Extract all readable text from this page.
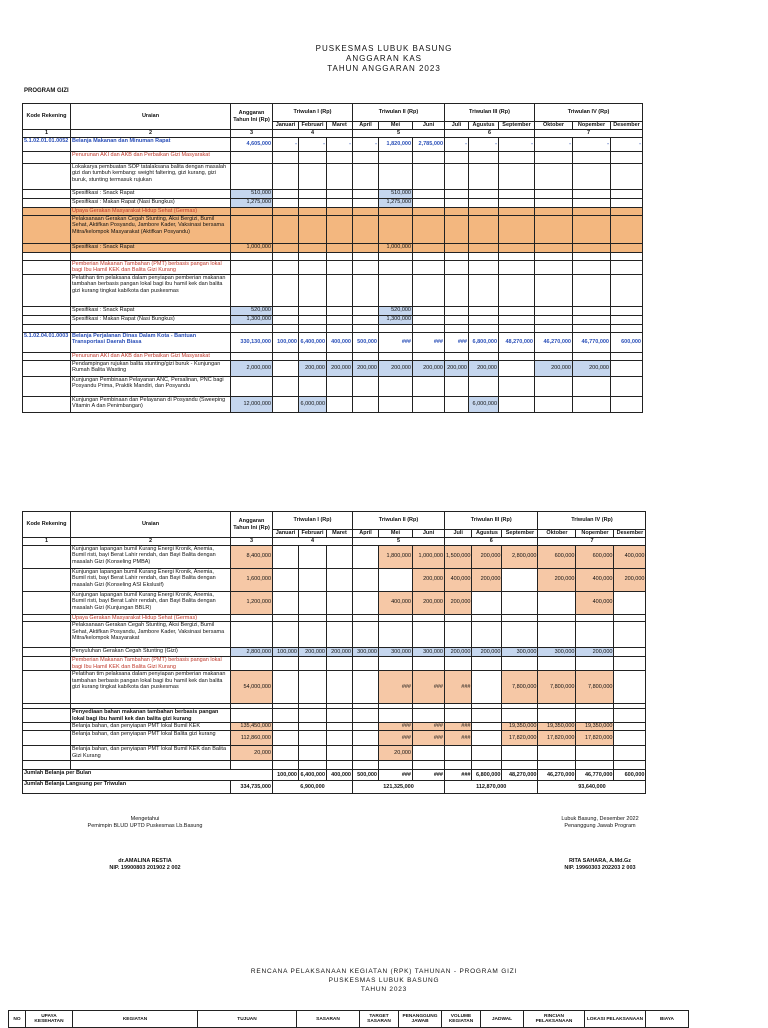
PUSKESMAS LUBUK BASUNG
ANGGARAN KAS
TAHUN ANGGARAN 2023
PROGRAM GIZI
Kode Rekening	Uraian	Anggaran Tahun Ini (Rp)	Triwulan I (Rp)			Triwulan II (Rp)			Triwulan III (Rp)			Triwulan IV (Rp)		
			Januari	Februari	Maret	April	Mei	Juni	Juli	Agustus	September	Oktober	Nopember	Desember
1	2	3	4			5			6			7		
5.1.02.01.01.0052	Belanja Makanan dan Minuman Rapat	4,605,000	-	-	-	-	1,820,000	2,785,000	-	-	-	-	-	-
	Penurunan AKI dan AKB dan Perbaikan Gizi Masyarakat													
	Lokakarya pembuatan SOP tatalaksana balita dengan masalah gizi dan tumbuh kembang: weight faltering, gizi kurang, gizi buruk, stunting termasuk rujukan													
	Spesifikasi : Snack Rapat	510,000					510,000							
	Spesifikasi : Makan Rapat (Nasi Bungkus)	1,275,000					1,275,000							
	Upaya Gerakan Masyarakat Hidup Sehat (Germas)													
	Pelaksanaan Gerakan Cegah Stunting, Aksi Bergizi, Bumil Sehat, Aktifkan Posyandu, Jambore Kader, Vaksinasi bersama Mitra/kelompok Masyarakat (Aktifkan Posyandu)													
	Spesifikasi : Snack Rapat	1,000,000					1,000,000							

	Pemberian Makanan Tambahan (PMT) berbasis pangan lokal bagi Ibu Hamil KEK dan Balita Gizi Kurang													
	Pelatihan tim pelaksana dalam penyiapan pemberian makanan tambahan berbasis pangan lokal bagi ibu hamil kek dan balita gizi kurang tingkat kab/kota dan puskesmas													
	Spesifikasi : Snack Rapat	520,000					520,000							
	Spesifikasi : Makan Rapat (Nasi Bungkus)	1,300,000					1,300,000							

5.1.02.04.01.0003	Belanja Perjalanan Dinas Dalam Kota - Bantuan Transportasi Daerah Biasa	330,130,000	100,000	6,400,000	400,000	500,000	###	###	###	6,800,000	48,270,000	46,270,000	46,770,000	600,000
	Penurunan AKI dan AKB dan Perbaikan Gizi Masyarakat													
	Pendampingan rujukan balita stunting/gizi buruk - Kunjungan Rumah Balita Wasting	2,000,000		200,000	200,000	200,000	200,000	200,000	200,000	200,000		200,000	200,000	
	Kunjungan Pembinaan Pelayanan ANC, Persalinan, PNC bagi Posyandu Prima, Praktik Mandiri, dan Posyandu													
	Kunjungan Pembinaan dan Pelayanan di Posyandu (Sweeping Vitamin A dan Penimbangan)	12,000,000		6,000,000						6,000,000				
Kode Rekening	Uraian	Anggaran Tahun Ini (Rp)	Triwulan I (Rp)			Triwulan II (Rp)			Triwulan III (Rp)			Triwulan IV (Rp)		
			Januari	Februari	Maret	April	Mei	Juni	Juli	Agustus	September	Oktober	Nopember	Desember
1	2	3	4			5			6			7		
	Kunjungan lapangan bumil Kurang Energi Kronik, Anemia, Bumil risti, bayi Berat Lahir rendah, dan Bayi Balita dengan masalah Gizi (Konseling PMBA)	8,400,000					1,800,000	1,000,000	1,500,000	200,000	2,800,000	600,000	600,000	400,000
	Kunjungan lapangan bumil Kurang Energi Kronik, Anemia, Bumil risti, bayi Berat Lahir rendah, dan Bayi Balita dengan masalah Gizi (Konseling ASI Ekslusif)	1,600,000						200,000	400,000	200,000		200,000	400,000	200,000
	Kunjungan lapangan bumil Kurang Energi Kronik, Anemia, Bumil risti, bayi Berat Lahir rendah, dan Bayi Balita dengan masalah Gizi (Kunjungan BBLR)	1,200,000					400,000	200,000	200,000				400,000	
	Upaya Gerakan Masyarakat Hidup Sehat (Germas)													
	Pelaksanaan Gerakan Cegah Stunting, Aksi Bergizi, Bumil Sehat, Aktifkan Posyandu, Jambore Kader, Vaksinasi bersama Mitra/kelompok Masyarakat													
	Penyuluhan Gerakan Cegah Stunting (Gizi)	2,800,000	100,000	200,000	200,000	300,000	300,000	300,000	200,000	200,000	300,000	300,000	200,000	
	Pemberian Makanan Tambahan (PMT) berbasis pangan lokal bagi Ibu Hamil KEK dan Balita Gizi Kurang													
	Pelatihan tim pelaksana dalam penyiapan pemberian makanan tambahan berbasis pangan lokal bagi ibu hamil kek dan balita gizi kurang tingkat kab/kota dan puskesmas	54,000,000					###	###	###		7,800,000	7,800,000	7,800,000	

	Penyediaan bahan makanan tambahan berbasis pangan lokal bagi ibu hamil kek dan balita gizi kurang													
	Belanja bahan, dan penyiapan PMT lokal Bumil KEK	135,450,000					###	###	###		19,350,000	19,350,000	19,350,000	
	Belanja bahan, dan penyiapan PMT lokal Balita gizi kurang	112,860,000					###	###	###		17,820,000	17,820,000	17,820,000	
	Belanja bahan, dan penyiapan PMT lokal Bumil KEK dan Balita Gizi Kurang	20,000					20,000							

Jumlah Belanja per Bulan			100,000	6,400,000	400,000	500,000	###	###	###	6,800,000	48,270,000	46,270,000	46,770,000	600,000
Jumlah Belanja Langsung per Triwulan		334,735,000	6,900,000			121,325,000			112,870,000			93,640,000		
Mengetahui
Pemimpin BLUD UPTD Puskesmas Lb.Basung
dr.AMALINA RESTIA
NIP. 19900803 201902 2 002
Lubuk Basung, Desember 2022
Penanggung Jawab Program
RITA SAHARA, A.Md.Gz
NIP. 19960303 202203 2 003
RENCANA PELAKSANAAN KEGIATAN (RPK) TAHUNAN - PROGRAM GIZI
PUSKESMAS LUBUK BASUNG
TAHUN 2023
NO	UPAYA KESEHATAN	KEGIATAN	TUJUAN	SASARAN	TARGET SASARAN	PENANGGUNG JAWAB	VOLUME KEGIATAN	JADWAL	RINCIAN PELAKSANAAN	LOKASI PELAKSANAAN	BIAYA
